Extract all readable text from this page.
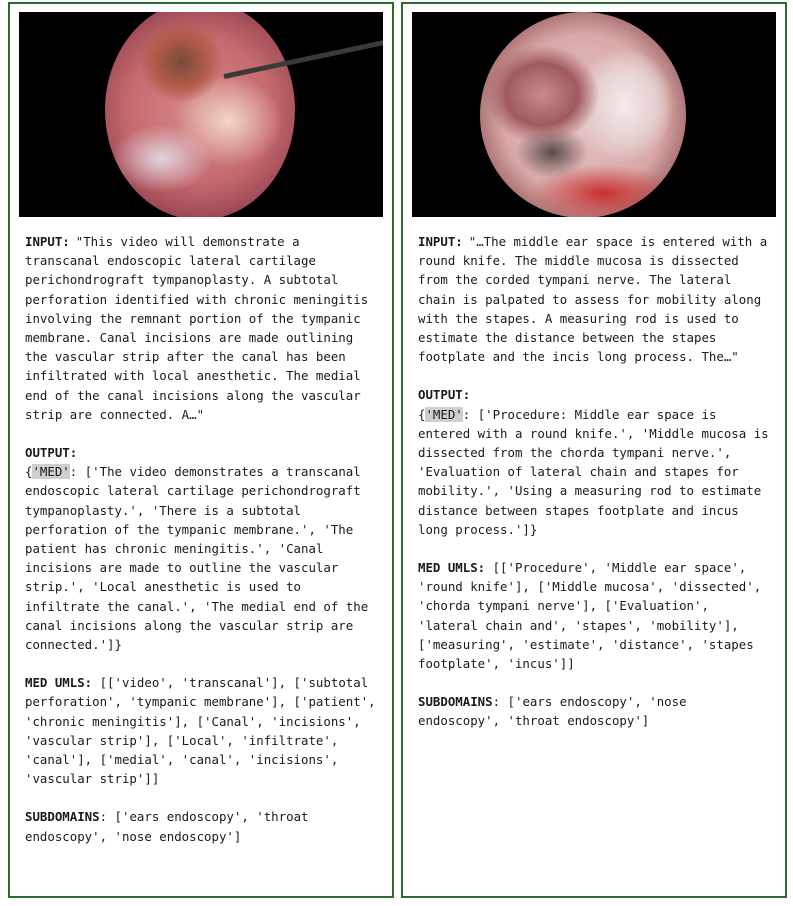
INPUT: "This video will demonstrate a transcanal endoscopic lateral cartilage perichondrograft tympanoplasty. A subtotal perforation identified with chronic meningitis involving the remnant portion of the tympanic membrane. Canal incisions are made outlining the vascular strip after the canal has been infiltrated with local anesthetic. The medial end of the canal incisions along the vascular strip are connected. A…"
OUTPUT:
{'MED': ['The video demonstrates a transcanal endoscopic lateral cartilage perichondrograft tympanoplasty.', 'There is a subtotal perforation of the tympanic membrane.', 'The patient has chronic meningitis.', 'Canal incisions are made to outline the vascular strip.', 'Local anesthetic is used to infiltrate the canal.', 'The medial end of the canal incisions along the vascular strip are connected.']}
MED UMLS: [['video', 'transcanal'], ['subtotal perforation', 'tympanic membrane'], ['patient', 'chronic meningitis'], ['Canal', 'incisions', 'vascular strip'], ['Local', 'infiltrate', 'canal'], ['medial', 'canal', 'incisions', 'vascular strip']]
SUBDOMAINS: ['ears endoscopy', 'throat endoscopy', 'nose endoscopy']
INPUT: "…The middle ear space is entered with a round knife. The middle mucosa is dissected from the corded tympani nerve. The lateral chain is palpated to assess for mobility along with the stapes. A measuring rod is used to estimate the distance between the stapes footplate and the incis long process. The…"
OUTPUT:
{'MED': ['Procedure: Middle ear space is entered with a round knife.', 'Middle mucosa is dissected from the chorda tympani nerve.', 'Evaluation of lateral chain and stapes for mobility.', 'Using a measuring rod to estimate distance between stapes footplate and incus long process.']}
MED UMLS: [['Procedure', 'Middle ear space', 'round knife'], ['Middle mucosa', 'dissected', 'chorda tympani nerve'], ['Evaluation', 'lateral chain and', 'stapes', 'mobility'], ['measuring', 'estimate', 'distance', 'stapes footplate', 'incus']]
SUBDOMAINS: ['ears endoscopy', 'nose endoscopy', 'throat endoscopy']
